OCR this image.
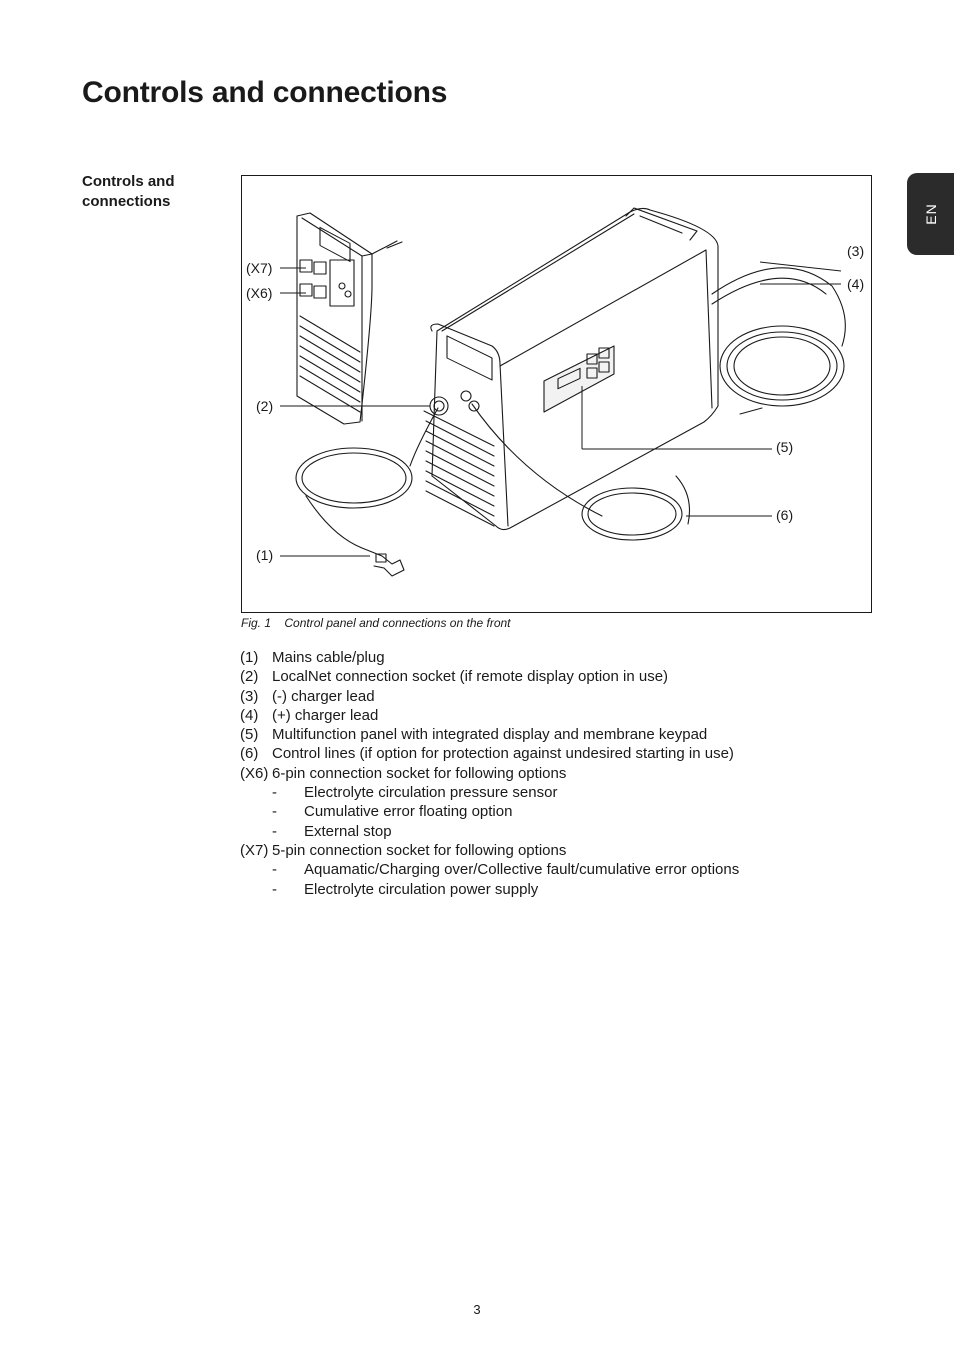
Controls and connections
Controls and connections
EN
(X7)
(X6)
(2)
(1)
(3)
(4)
(5)
(6)
Fig. 1 Control panel and connections on the front
(1) Mains cable/plug
(2) LocalNet connection socket (if remote display option in use)
(3) (-) charger lead
(4) (+) charger lead
(5) Multifunction panel with integrated display and membrane keypad
(6) Control lines (if option for protection against undesired starting in use)
(X6) 6-pin connection socket for following options
-	Electrolyte circulation pressure sensor
-	Cumulative error floating option
-	External stop
(X7) 5-pin connection socket for following options
-	Aquamatic/Charging over/Collective fault/cumulative error options
-	Electrolyte circulation power supply
3
